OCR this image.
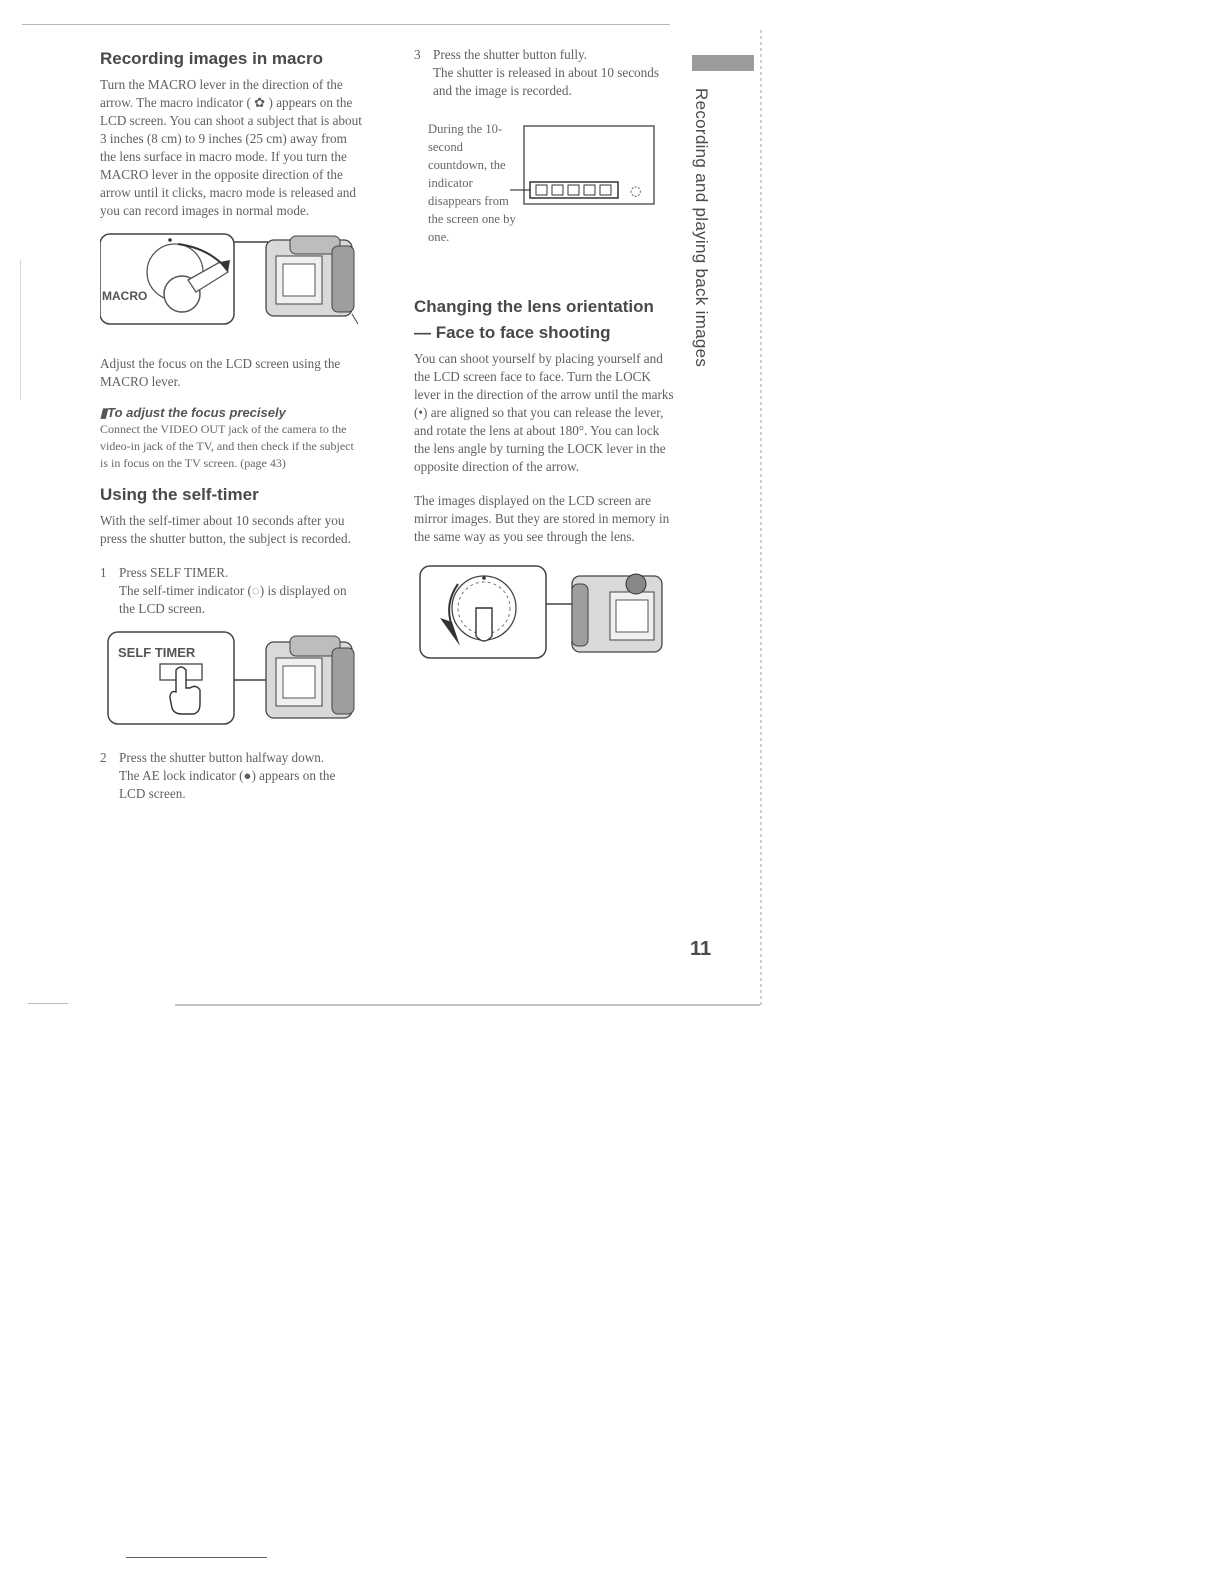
Recording images in macro

Turn the MACRO lever in the direction of the arrow. The macro indicator ( ✿ ) appears on the LCD screen. You can shoot a subject that is about 3 inches (8 cm) to 9 inches (25 cm) away from the lens surface in macro mode. If you turn the MACRO lever in the opposite direction of the arrow until it clicks, macro mode is released and you can record images in normal mode.

MACRO

Adjust the focus on the LCD screen using the MACRO lever.

▮To adjust the focus precisely

Connect the VIDEO OUT jack of the camera to the video-in jack of the TV, and then check if the subject is in focus on the TV screen. (page 43)

Using the self-timer

With the self-timer about 10 seconds after you press the shutter button, the subject is recorded.

1 Press SELF TIMER.
The self-timer indicator (◌) is displayed on the LCD screen.
SELF TIMER
2 Press the shutter button halfway down.
The AE lock indicator (●) appears on the LCD screen.
3 Press the shutter button fully.
The shutter is released in about 10 seconds and the image is recorded.

During the 10-second countdown, the indicator disappears from the screen one by one.

◌
Changing the lens orientation
— Face to face shooting

You can shoot yourself by placing yourself and the LCD screen face to face. Turn the LOCK lever in the direction of the arrow until the marks (•) are aligned so that you can release the lever, and rotate the lens at about 180°. You can lock the lens angle by turning the LOCK lever in the opposite direction of the arrow.

The images displayed on the LCD screen are mirror images. But they are stored in memory in the same way as you see through the lens.

Recording and playing back images
11
